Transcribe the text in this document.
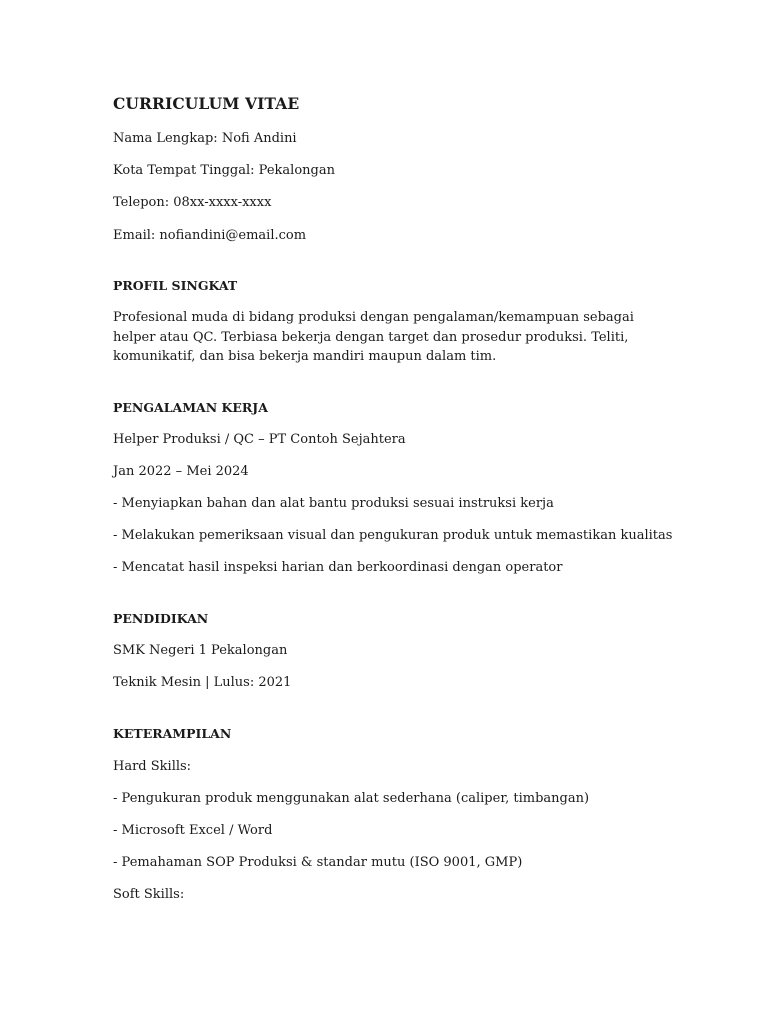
CURRICULUM VITAE
Nama Lengkap: Nofi Andini
Kota Tempat Tinggal: Pekalongan
Telepon: 08xx-xxxx-xxxx
Email: nofiandini@email.com
PROFIL SINGKAT
Profesional muda di bidang produksi dengan pengalaman/kemampuan sebagai helper atau QC. Terbiasa bekerja dengan target dan prosedur produksi. Teliti, komunikatif, dan bisa bekerja mandiri maupun dalam tim.
PENGALAMAN KERJA
Helper Produksi / QC – PT Contoh Sejahtera
Jan 2022 – Mei 2024
- Menyiapkan bahan dan alat bantu produksi sesuai instruksi kerja
- Melakukan pemeriksaan visual dan pengukuran produk untuk memastikan kualitas
- Mencatat hasil inspeksi harian dan berkoordinasi dengan operator
PENDIDIKAN
SMK Negeri 1 Pekalongan
Teknik Mesin | Lulus: 2021
KETERAMPILAN
Hard Skills:
- Pengukuran produk menggunakan alat sederhana (caliper, timbangan)
- Microsoft Excel / Word
- Pemahaman SOP Produksi & standar mutu (ISO 9001, GMP)
Soft Skills:
